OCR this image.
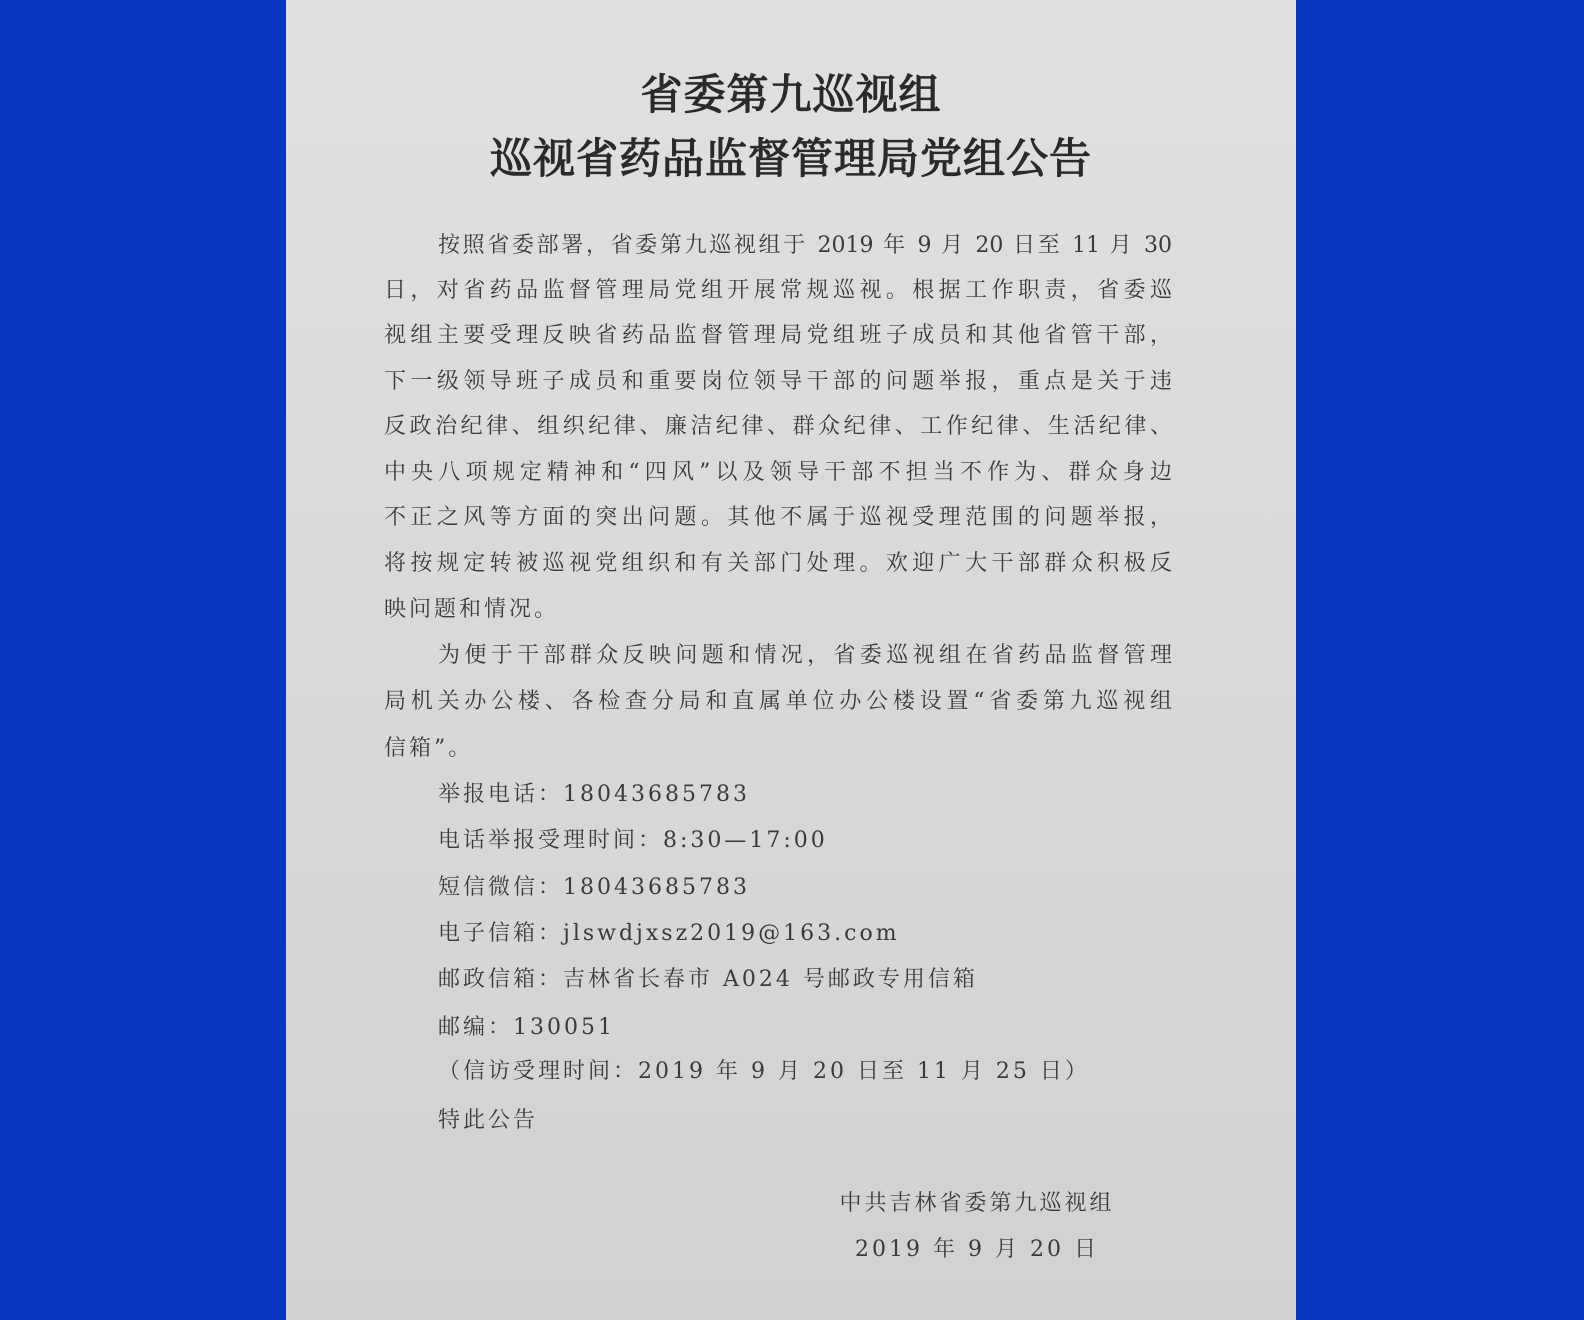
省委第九巡视组
巡视省药品监督管理局党组公告
按照省委部署，省委第九巡视组于 2019 年 9 月 20 日至 11 月 30
日，对省药品监督管理局党组开展常规巡视。根据工作职责，省委巡
视组主要受理反映省药品监督管理局党组班子成员和其他省管干部，
下一级领导班子成员和重要岗位领导干部的问题举报，重点是关于违
反政治纪律、组织纪律、廉洁纪律、群众纪律、工作纪律、生活纪律、
中央八项规定精神和“四风”以及领导干部不担当不作为、群众身边
不正之风等方面的突出问题。其他不属于巡视受理范围的问题举报，
将按规定转被巡视党组织和有关部门处理。欢迎广大干部群众积极反
映问题和情况。
为便于干部群众反映问题和情况，省委巡视组在省药品监督管理
局机关办公楼、各检查分局和直属单位办公楼设置“省委第九巡视组
信箱”。
举报电话：18043685783
电话举报受理时间：8:30—17:00
短信微信：18043685783
电子信箱：jlswdjxsz2019@163.com
邮政信箱：吉林省长春市 A024 号邮政专用信箱
邮编：130051
（信访受理时间：2019 年 9 月 20 日至 11 月 25 日）
特此公告
中共吉林省委第九巡视组
2019 年 9 月 20 日
